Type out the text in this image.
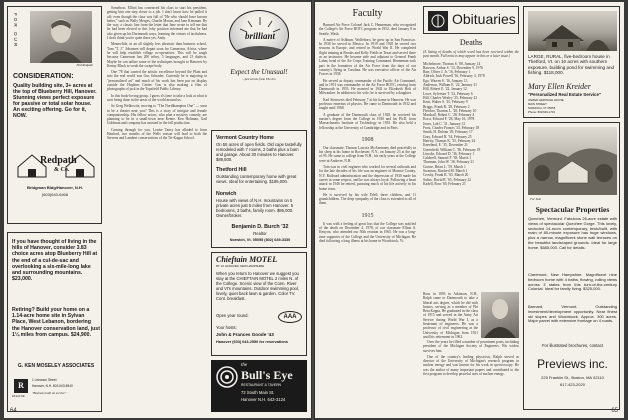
FOR OUR
Ned Redpath
CONSIDERATION:
Quality building site, 3+ acres at the top of Blueberry Hill, Hanover. Stunning views perfect exposure for passive or total solar house. An exciting offering. Go for it, NOW.
Redpath
& Co.
Bridgman Bldg/Hanover, N.H.
(603)643-6406
If you have thought of living in the hills of Hanover, consider 3.83 choice acres atop Blueberry Hill at the end of a cul-de-sac and overlooking a six-mile-long lake and surrounding mountains. $23,000.
Retiring? Build your home on a 1.14-acre home site in Sylvan Place, West Lebanon, bordering the Hanover conservation land, just 1¼ miles from campus. $24,900.
G. KEN MOSELEY ASSOCIATES
R
REALTOR
1 Lebanon Street
Hanover, N.H. 603-643-5540
"Business built on service"

Somehow, Elliott has convinced his class to start his president, getting him one step closer to a job. I don't know how he pulled it off; even though the class was full of "He who should have known better," such as Wally Merges, Charlie Moran, and Jane Kinsman. By the way, a classic line from the letter that Jane wrote to tell me that he had been elected to this lofty position informed me that he had also given up his Dartmouth ways, learning the virtues of tactfulness. I don't think you're quite there yet, Andy.

Meanwhile, in an all slightly less altruistic than business school, Tom "T. J." Johansen will depart soon for Cameroon, Africa, where he will help establish village co-operatives. This will be tough because Cameroon has 200 tribes, 5 languages, and 15 dialects. Maybe he can utilize some of the techniques brought to Hanover by Kenny Black to scrub the scrape body.

One '78 that carried the artistic excellence beyond the Plain and into the real world was Gus Schrader. Currently he is majoring in "personalized art" and much of his work has been put on display outside the Hopkins Center. Gus is also making a film of photographs of jack in the Topsfield Public Library.

In this book-loving group, I guess it's time to take a look at what is now being done in the areas of the world around us.

So Greg Welkowitz, moving to "The Northhampton One" — soon to be a theater near you? This is a story of intrigue and female companionship. His fellow actors, who plan a mystery comedy, are planning to be in a small-town near Keene. Ken Holtman, Gail Goldman and company has assisted in the fall production.

Coming through for you, Louise Tansy has alluded to from Hanford, two months of the Wells season will lead to both the Stevens and Lambert conservations of the Tri-Kappa School.

brilliant
Expect the Unusual!
...just across from The Inn
Vermont Country Home
On 55 acres of open fields. Old cape tastefully remodeled with 7 rooms, 2 baths plus a barn and garage. About 30 minutes to Hanover. $89,500.
Thetford Hill
Outstanding contemporary home with great views. Ideal for entertaining. $185,000.
Norwich
House with views of N.H. mountains on 5 private acres just 5 miles from Hanover. 5 bedrooms, 3 baths, family room. $95,000. Owner/broker.
Benjamin D. Burch '32
Realtor
Norwich, Vt. 05055 (802) 649-3330
Chieftain MOTEL
RT. 10 HANOVER, NEW HAMPSHIRE
When you return to Hanover we suggest you stay at the CHIEFTAIN MOTEL 2 miles N. of the College. Scenic view of the Conn. River and Vt's mountains. Outdoor swimming pool, lovely, quiet back lawn & garden. Color TV. Cont. breakfast.
Open year round.	AAA
Your hosts:
John & Frances Goode '43
Hanover (603) 643-2550 for reservations
the
Bull's Eye
RESTAURANT & TAVERN
72 South Main St.
Hanover N.H. 643-3124
64
Faculty

Barnard Air Force Colonel Jack C. Henneman, who recognized the College's Air Force ROTC program in 1952, died January 8 in Seattle, Wash.

A native of Ashburn, Wolfeboro, he grew up in San Francisco. In 1936 he served in Mexico. In 1919 and 1920 he served two seasons in Europe, and retired in World War II. He completed flight training at Brooks and Kelly Fields in Texas and served there as an instructor. He became aide and adjutant to General Frank Lahm, head of the Air Corps Training Command. Henneman took part in the formation of the Air Force from the days of our country's flying in Carolina. He was executive officer of the Air Forces in 1938.

He served as deputy commander of the Pacific Air Command, and in 1951 was commander of the Air Force ROTC, retiring from Dartmouth in 1953. He married in 1941 to Elizabeth Holt of Milwaukee. In addition to his wife, he is survived by a daughter.

Karl Sternweis died February 7 at his home in Hanover. He was professor emeritus of physics. He came to Dartmouth in 1932 and taught until 1968.

A graduate of the Dartmouth class of 1928, he received his master's degree from the College in 1930 and his Ph.D. from Massachusetts Institute of Technology in 1935. He also held a fellowship at the University of Cambridge and in Paris.

1908

Our classmate, Thomas Lacroix McAnearney died peacefully in his sleep at his home in Rochester, N.Y., on January 23 at the age of 95. He came to college from N.H., his early years at the College were at Andover, N.H.

Tom was in civil engineer who worked for several railroads and for the late decades of his life was an engineer of Monroe County, N.Y. Railroad administration and the depression of 1930 made his career in some respect, and he was always loyal. Following a heart attack in 1946 he retired, pursuing much of his life actively in his home town.

He is survived by his wife Edell, three children, and 11 grandchildren. The deep sympathy of the class is extended to all of them.

1915

It was with a feeling of great loss that the College was notified of the death on December 4, 1978, of our classmate Elliott S. Kenyon, who attended our 50th reunion in 1965. He was a long-time supporter of the College and the University of Michigan. He died following a long illness at his home in Woodstock, Vt.

Obituaries
Deaths
(A listing of deaths of which word has been received within the past month. Full notices may appear in this or a later issue.)
Michelmore, Thomas S. '08, January 14
Rawson, Arthur S. '13, December 9, 1976
Barr, Oliver J. Jr. '16, February 1
Aldrich, Jack Powell '16, February 3, 1978
Ego, Warren S. '16, January 13
Anderson, William E. '22, January 31
Hill, Robert E. '22, January 12
Lowe, Sylvester T. '22, February 6
Hill, Charles Wesley '25, February 22
Kent, Walter S. '25, February 9
Briggs, Frank R. '28, February 2
Fletcher, Thomas L. '28, February 10
Marshall, Robert C. '28, February 4
Kocu, Edward F. '28, May 16, 1978
Jones, Lab C. '31, January 31
Frost, Charles Francis '33, February 18
Smith, H. Dolean '29, February 17
Gray, Edward R. '34, February 25
Harrity, Thomas K. '35, February 24
Kneeland, E. '35, December 21
Greenfield, William C. '36, February 18
Lincoln, Edward D. '36, February 1
Caldwell, Samuel F. '38, March 1
Thurman, John W. '38, February 21
Grosse, Brian L. '59, March 1
Swanson, Kindred M. March 1
Crosby, Frank R. '65, March 20
Saltus, David R. '65, February 22
Kadell, Ross '69, February 21
Born in 1893 in Atkinson, N.H., Ralph came to Dartmouth to take a liberal arts degree, which he did with honors, serving as a member of Phi Beta Kappa. He graduated in the class of 1915 and served in the Army Air Service during World War I, as a lieutenant of engineers. He was a professor of civil engineering at the University of Michigan from 1921 until his retirement in 1963.

Over the years he filled a number of prominent posts, including president of the Michigan Society of Engineers. His widow survives him.

One of the country's leading physicists, Ralph served as director of the University of Michigan's research program in nuclear energy and was known for his work in spectroscopy. He was the author of many important papers and contributed to the first program to develop peaceful uses of nuclear energy.

LARGE, RURAL, five-bedroom house in Thetford, Vt. on 10 acres with southern exposure, building pond for swimming and fishing. $118,000.
Mary Ellen Kreider
"Personalized Real Estate Service"
VARIED HERITAGE HOUSE
MAIN STREET
NORWICH, VT 05055
Phone: 802/649-1704
For Sale
Spectacular Properties
Quechee, Vermont. Fabulous 26-acre estate with views of spectacular Quechee Gorge. This lovely, secluded 14-room contemporary, brick/built, with main of 80-minute exposure has huge windows, plus a narrow, magnificent stone wall terraces on the beautiful landscaped grounds. Ideal for large home. $585,000. Call for details.
Claremont, New Hampshire. Magnificent nine bedroom home with 4 baths, flowing, rolling views across 3 states from this turn-of-the-century Colonial. Ideal for family living. $325,000.
Barnard, Vermont. Outstanding investment/development opportunity. Near finest ski slopes and Woodstock. Approx. 300 acres. Major parcel with extensive frontage on 4 roads.
For illustrated brochures, contact
Previews inc.
225 Franklin St., Boston, MA 02110
617-423-2020
65
